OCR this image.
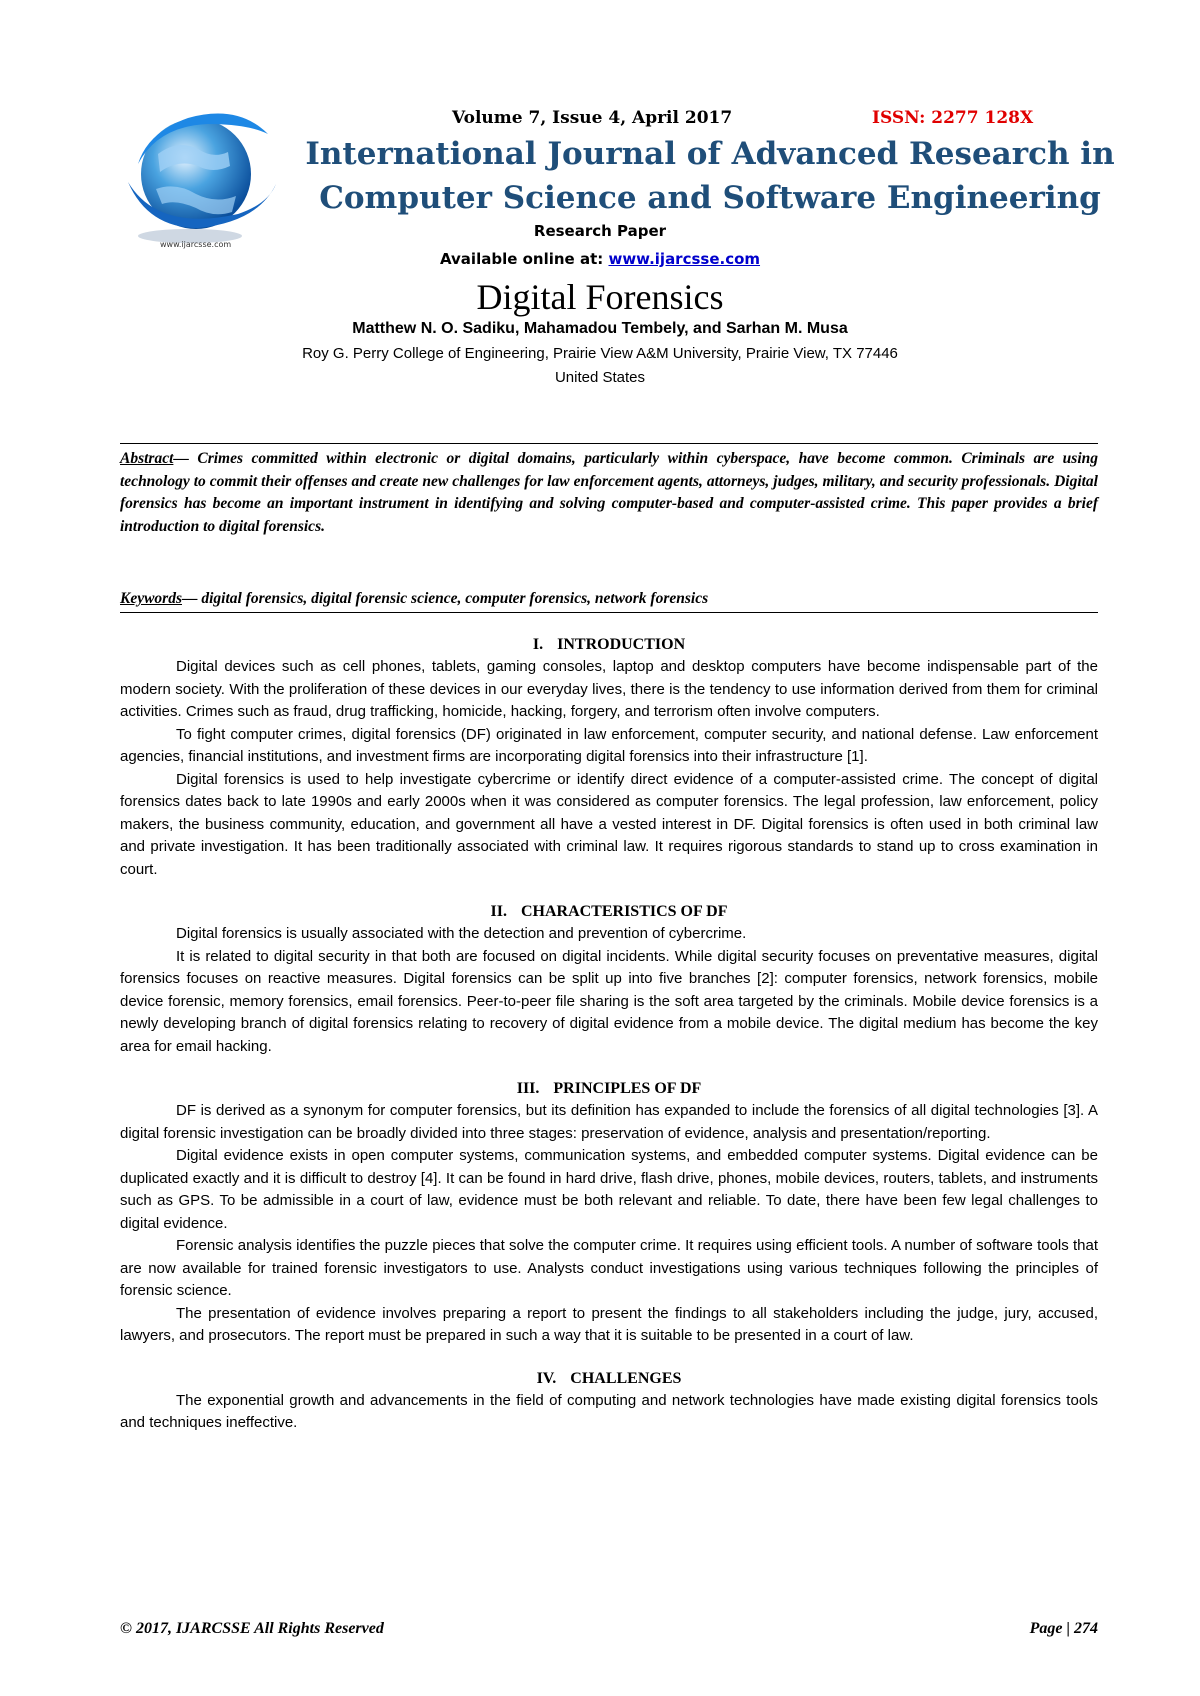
www.ijarcsse.com
Volume 7, Issue 4, April 2017	ISSN: 2277 128X
International Journal of Advanced Research in Computer Science and Software Engineering
Research Paper
Available online at: www.ijarcsse.com
Digital Forensics
Matthew N. O. Sadiku, Mahamadou Tembely, and Sarhan M. Musa
Roy G. Perry College of Engineering, Prairie View A&M University, Prairie View, TX 77446
United States
Abstract— Crimes committed within electronic or digital domains, particularly within cyberspace, have become common. Criminals are using technology to commit their offenses and create new challenges for law enforcement agents, attorneys, judges, military, and security professionals. Digital forensics has become an important instrument in identifying and solving computer-based and computer-assisted crime. This paper provides a brief introduction to digital forensics.
Keywords— digital forensics, digital forensic science, computer forensics, network forensics
I. INTRODUCTION

Digital devices such as cell phones, tablets, gaming consoles, laptop and desktop computers have become indispensable part of the modern society. With the proliferation of these devices in our everyday lives, there is the tendency to use information derived from them for criminal activities. Crimes such as fraud, drug trafficking, homicide, hacking, forgery, and terrorism often involve computers.

To fight computer crimes, digital forensics (DF) originated in law enforcement, computer security, and national defense. Law enforcement agencies, financial institutions, and investment firms are incorporating digital forensics into their infrastructure [1].

Digital forensics is used to help investigate cybercrime or identify direct evidence of a computer-assisted crime. The concept of digital forensics dates back to late 1990s and early 2000s when it was considered as computer forensics. The legal profession, law enforcement, policy makers, the business community, education, and government all have a vested interest in DF. Digital forensics is often used in both criminal law and private investigation. It has been traditionally associated with criminal law. It requires rigorous standards to stand up to cross examination in court.

II. CHARACTERISTICS OF DF

Digital forensics is usually associated with the detection and prevention of cybercrime.

It is related to digital security in that both are focused on digital incidents. While digital security focuses on preventative measures, digital forensics focuses on reactive measures. Digital forensics can be split up into five branches [2]: computer forensics, network forensics, mobile device forensic, memory forensics, email forensics. Peer-to-peer file sharing is the soft area targeted by the criminals. Mobile device forensics is a newly developing branch of digital forensics relating to recovery of digital evidence from a mobile device. The digital medium has become the key area for email hacking.

III. PRINCIPLES OF DF

DF is derived as a synonym for computer forensics, but its definition has expanded to include the forensics of all digital technologies [3]. A digital forensic investigation can be broadly divided into three stages: preservation of evidence, analysis and presentation/reporting.

Digital evidence exists in open computer systems, communication systems, and embedded computer systems. Digital evidence can be duplicated exactly and it is difficult to destroy [4]. It can be found in hard drive, flash drive, phones, mobile devices, routers, tablets, and instruments such as GPS. To be admissible in a court of law, evidence must be both relevant and reliable. To date, there have been few legal challenges to digital evidence.

Forensic analysis identifies the puzzle pieces that solve the computer crime. It requires using efficient tools. A number of software tools that are now available for trained forensic investigators to use. Analysts conduct investigations using various techniques following the principles of forensic science.

The presentation of evidence involves preparing a report to present the findings to all stakeholders including the judge, jury, accused, lawyers, and prosecutors. The report must be prepared in such a way that it is suitable to be presented in a court of law.

IV. CHALLENGES

The exponential growth and advancements in the field of computing and network technologies have made existing digital forensics tools and techniques ineffective.

© 2017, IJARCSSE All Rights Reserved	Page | 274
